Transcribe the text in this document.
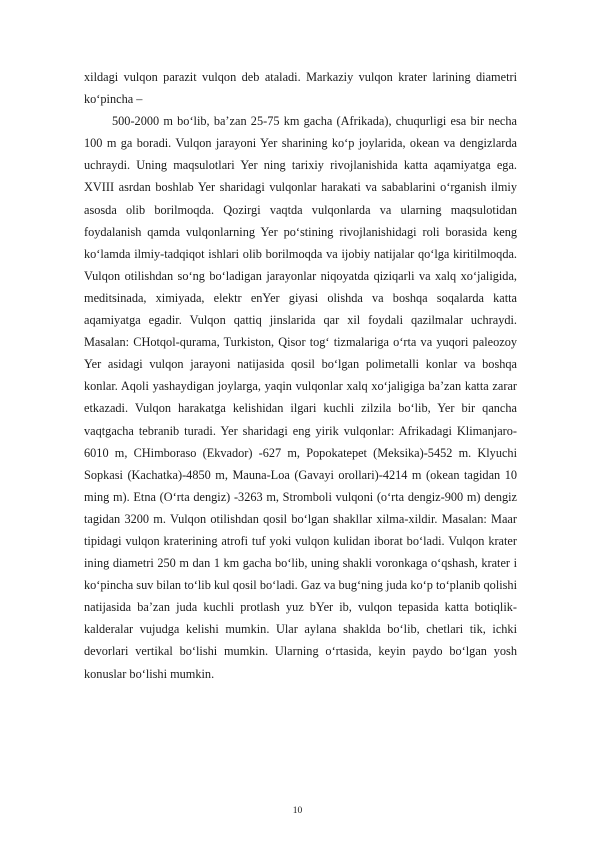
xildagi vulqon parazit vulqon deb ataladi. Markaziy vulqon krater larining diametri ko‘pincha –

500-2000 m bo‘lib, ba’zan 25-75 km gacha (Afrikada), chuqurligi esa bir necha 100 m ga boradi. Vulqon jarayoni Yer sharining ko‘p joylarida, okean va dengizlarda uchraydi. Uning maqsulotlari Yer ning tarixiy rivojlanishida katta aqamiyatga ega. XVIII asrdan boshlab Yer sharidagi vulqonlar harakati va sabablarini o‘rganish ilmiy asosda olib borilmoqda. Qozirgi vaqtda vulqonlarda va ularning maqsulotidan foydalanish qamda vulqonlarning Yer po‘stining rivojlanishidagi roli borasida keng ko‘lamda ilmiy-tadqiqot ishlari olib borilmoqda va ijobiy natijalar qo‘lga kiritilmoqda. Vulqon otilishdan so‘ng bo‘ladigan jarayonlar niqoyatda qiziqarli va xalq xo‘jaligida, meditsinada, ximiyada, elektr enYer giyasi olishda va boshqa soqalarda katta aqamiyatga egadir. Vulqon qattiq jinslarida qar xil foydali qazilmalar uchraydi. Masalan: CHotqol-qurama, Turkiston, Qisor tog‘ tizmalariga o‘rta va yuqori paleozoy Yer asidagi vulqon jarayoni natijasida qosil bo‘lgan polimetalli konlar va boshqa konlar. Aqoli yashaydigan joylarga, yaqin vulqonlar xalq xo‘jaligiga ba’zan katta zarar etkazadi. Vulqon harakatga kelishidan ilgari kuchli zilzila bo‘lib, Yer bir qancha vaqtgacha tebranib turadi. Yer sharidagi eng yirik vulqonlar: Afrikadagi Klimanjaro-6010 m, CHimboraso (Ekvador) -627 m, Popokatepet (Meksika)-5452 m. Klyuchi Sopkasi (Kachatka)-4850 m, Mauna-Loa (Gavayi orollari)-4214 m (okean tagidan 10 ming m). Etna (O‘rta dengiz) -3263 m, Stromboli vulqoni (o‘rta dengiz-900 m) dengiz tagidan 3200 m. Vulqon otilishdan qosil bo‘lgan shakllar xilma-xildir. Masalan: Maar tipidagi vulqon kraterining atrofi tuf yoki vulqon kulidan iborat bo‘ladi. Vulqon krater ining diametri 250 m dan 1 km gacha bo‘lib, uning shakli voronkaga o‘qshash, krater i ko‘pincha suv bilan to‘lib kul qosil bo‘ladi. Gaz va bug‘ning juda ko‘p to‘planib qolishi natijasida ba’zan juda kuchli protlash yuz bYer ib, vulqon tepasida katta botiqlik-kalderalar vujudga kelishi mumkin. Ular aylana shaklda bo‘lib, chetlari tik, ichki devorlari vertikal bo‘lishi mumkin. Ularning o‘rtasida, keyin paydo bo‘lgan yosh konuslar bo‘lishi mumkin.

10
